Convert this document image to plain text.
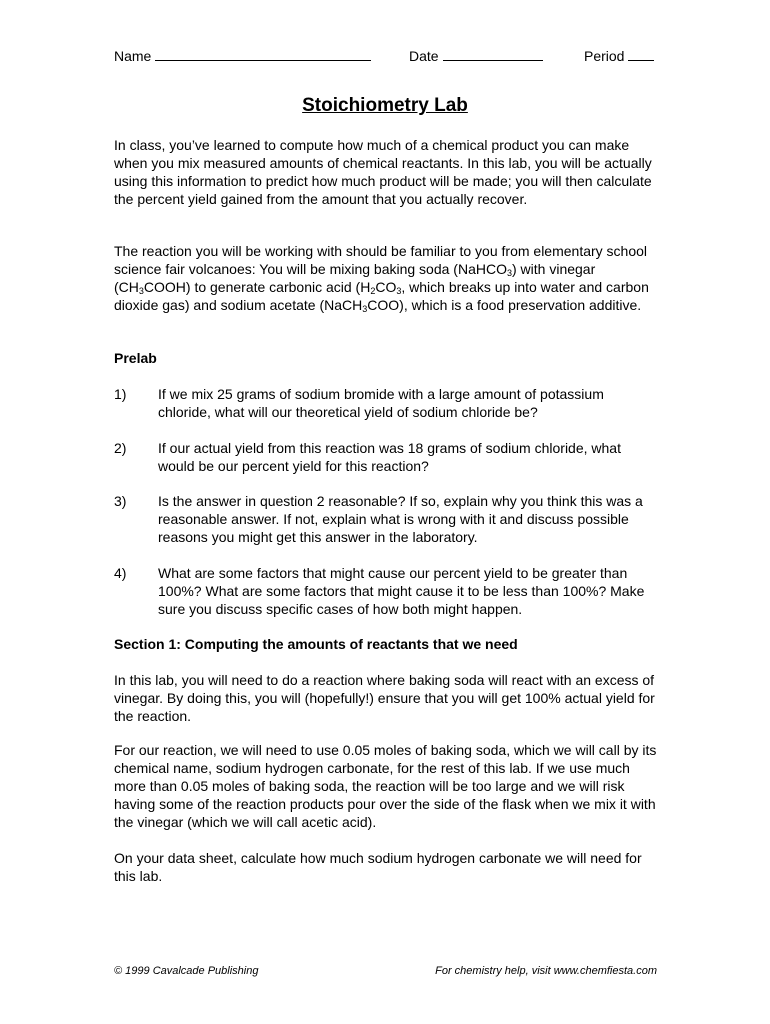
Name	Date	Period
Stoichiometry Lab
In class, you’ve learned to compute how much of a chemical product you can make when you mix measured amounts of chemical reactants. In this lab, you will be actually using this information to predict how much product will be made; you will then calculate the percent yield gained from the amount that you actually recover.
The reaction you will be working with should be familiar to you from elementary school science fair volcanoes: You will be mixing baking soda (NaHCO$_3$) with vinegar $(CH_3COOH)$ to generate carbonic acid ($H_2CO_3$, which breaks up into water and carbon dioxide gas) and sodium acetate (NaCH$_3$COO), which is a food preservation additive.
Prelab
1) If we mix 25 grams of sodium bromide with a large amount of potassium chloride, what will our theoretical yield of sodium chloride be?
2) If our actual yield from this reaction was 18 grams of sodium chloride, what would be our percent yield for this reaction?
3) Is the answer in question 2 reasonable? If so, explain why you think this was a reasonable answer. If not, explain what is wrong with it and discuss possible reasons you might get this answer in the laboratory.
4) What are some factors that might cause our percent yield to be greater than 100%? What are some factors that might cause it to be less than 100%? Make sure you discuss specific cases of how both might happen.
Section 1: Computing the amounts of reactants that we need
In this lab, you will need to do a reaction where baking soda will react with an excess of vinegar. By doing this, you will (hopefully!) ensure that you will get 100% actual yield for the reaction.
For our reaction, we will need to use 0.05 moles of baking soda, which we will call by its chemical name, sodium hydrogen carbonate, for the rest of this lab. If we use much more than 0.05 moles of baking soda, the reaction will be too large and we will risk having some of the reaction products pour over the side of the flask when we mix it with the vinegar (which we will call acetic acid).
On your data sheet, calculate how much sodium hydrogen carbonate we will need for this lab.
© 1999 Cavalcade Publishing	For chemistry help, visit www.chemfiesta.com
